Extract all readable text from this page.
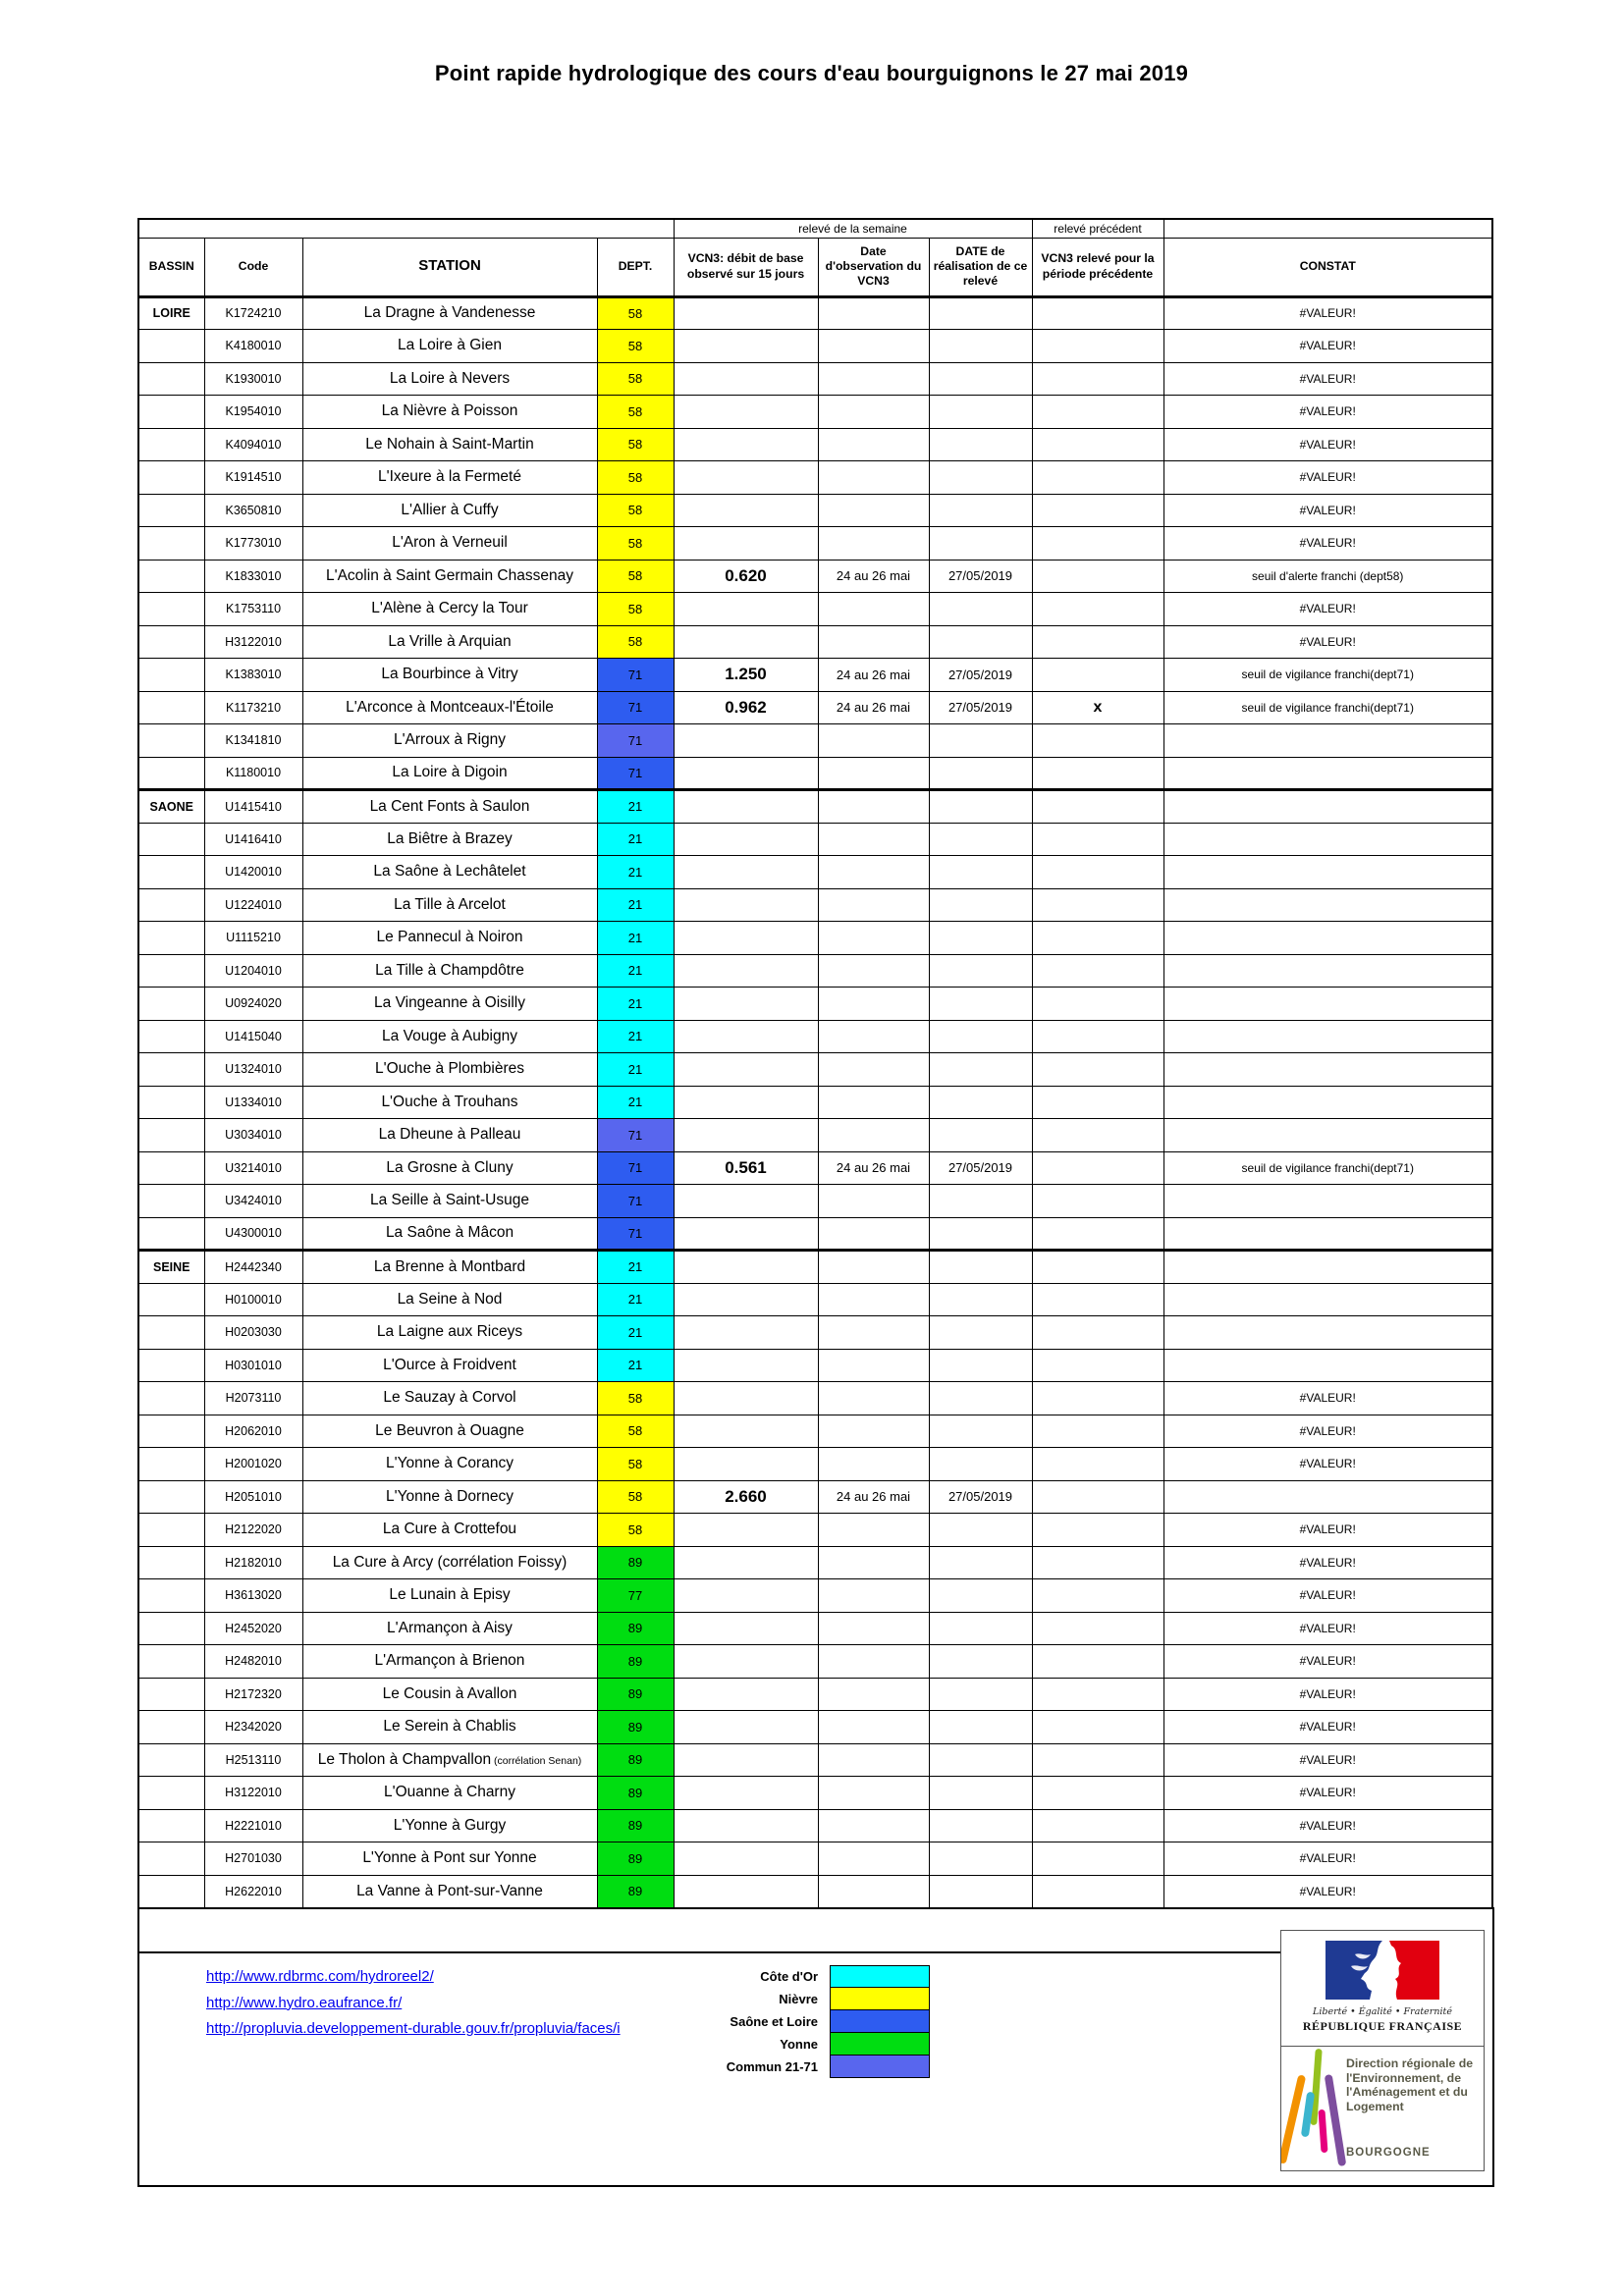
Point rapide hydrologique des cours d'eau bourguignons le 27 mai 2019
				relevé de la semaine			relevé précédent	
BASSIN	Code	STATION	DEPT.	VCN3: débit de base observé sur 15 jours	Date d'observation du VCN3	DATE de réalisation de ce relevé	VCN3 relevé pour la période précédente	CONSTAT
LOIRE	K1724210	La Dragne à Vandenesse	58					#VALEUR!
	K4180010	La Loire à Gien	58					#VALEUR!
	K1930010	La Loire à Nevers	58					#VALEUR!
	K1954010	La Nièvre à Poisson	58					#VALEUR!
	K4094010	Le Nohain à Saint-Martin	58					#VALEUR!
	K1914510	L'Ixeure à la Fermeté	58					#VALEUR!
	K3650810	L'Allier à Cuffy	58					#VALEUR!
	K1773010	L'Aron à Verneuil	58					#VALEUR!
	K1833010	L'Acolin à Saint Germain Chassenay	58	0.620	24 au 26 mai	27/05/2019		seuil d'alerte franchi (dept58)
	K1753110	L'Alène à Cercy la Tour	58					#VALEUR!
	H3122010	La Vrille à Arquian	58					#VALEUR!
	K1383010	La Bourbince à Vitry	71	1.250	24 au 26 mai	27/05/2019		seuil de vigilance franchi(dept71)
	K1173210	L'Arconce à Montceaux-l'Étoile	71	0.962	24 au 26 mai	27/05/2019	x	seuil de vigilance franchi(dept71)
	K1341810	L'Arroux à Rigny	71					
	K1180010	La Loire à Digoin	71					
SAONE	U1415410	La Cent Fonts à Saulon	21					
	U1416410	La Biêtre à Brazey	21					
	U1420010	La Saône à Lechâtelet	21					
	U1224010	La Tille à Arcelot	21					
	U1115210	Le Pannecul à Noiron	21					
	U1204010	La Tille à Champdôtre	21					
	U0924020	La Vingeanne à Oisilly	21					
	U1415040	La Vouge à Aubigny	21					
	U1324010	L'Ouche à Plombières	21					
	U1334010	L'Ouche à Trouhans	21					
	U3034010	La Dheune à Palleau	71					
	U3214010	La Grosne à Cluny	71	0.561	24 au 26 mai	27/05/2019		seuil de vigilance franchi(dept71)
	U3424010	La Seille à Saint-Usuge	71					
	U4300010	La Saône à Mâcon	71					
SEINE	H2442340	La Brenne à Montbard	21					
	H0100010	La Seine à Nod	21					
	H0203030	La Laigne aux Riceys	21					
	H0301010	L'Ource à Froidvent	21					
	H2073110	Le Sauzay à Corvol	58					#VALEUR!
	H2062010	Le Beuvron à Ouagne	58					#VALEUR!
	H2001020	L'Yonne à Corancy	58					#VALEUR!
	H2051010	L'Yonne à Dornecy	58	2.660	24 au 26 mai	27/05/2019		
	H2122020	La Cure à Crottefou	58					#VALEUR!
	H2182010	La Cure à Arcy (corrélation Foissy)	89					#VALEUR!
	H3613020	Le Lunain à Episy	77					#VALEUR!
	H2452020	L'Armançon à Aisy	89					#VALEUR!
	H2482010	L'Armançon à Brienon	89					#VALEUR!
	H2172320	Le Cousin à Avallon	89					#VALEUR!
	H2342020	Le Serein à Chablis	89					#VALEUR!
	H2513110	Le Tholon à Champvallon (corrélation Senan)	89					#VALEUR!
	H3122010	L'Ouanne à Charny	89					#VALEUR!
	H2221010	L'Yonne à Gurgy	89					#VALEUR!
	H2701030	L'Yonne à Pont sur Yonne	89					#VALEUR!
	H2622010	La Vanne à Pont-sur-Vanne	89					#VALEUR!
http://www.rdbrmc.com/hydroreel2/
http://www.hydro.eaufrance.fr/
http://propluvia.developpement-durable.gouv.fr/propluvia/faces/i
Côte d'Or
Nièvre
Saône et Loire
Yonne
Commun 21-71
Liberté • Égalité • Fraternité
RÉPUBLIQUE FRANÇAISE
Direction régionale de l'Environnement, de l'Aménagement et du Logement
BOURGOGNE
